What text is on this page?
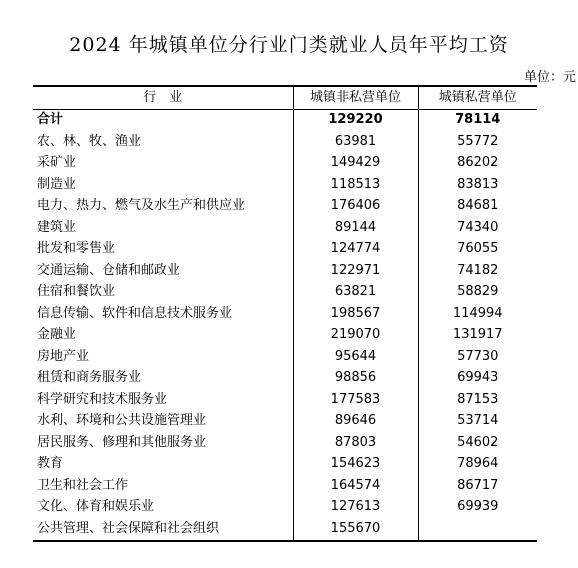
2024 年城镇单位分行业门类就业人员年平均工资
单位：元
行　业	城镇非私营单位	城镇私营单位
合计	129220	78114
农、林、牧、渔业	63981	55772
采矿业	149429	86202
制造业	118513	83813
电力、热力、燃气及水生产和供应业	176406	84681
建筑业	89144	74340
批发和零售业	124774	76055
交通运输、仓储和邮政业	122971	74182
住宿和餐饮业	63821	58829
信息传输、软件和信息技术服务业	198567	114994
金融业	219070	131917
房地产业	95644	57730
租赁和商务服务业	98856	69943
科学研究和技术服务业	177583	87153
水利、环境和公共设施管理业	89646	53714
居民服务、修理和其他服务业	87803	54602
教育	154623	78964
卫生和社会工作	164574	86717
文化、体育和娱乐业	127613	69939
公共管理、社会保障和社会组织	155670	
